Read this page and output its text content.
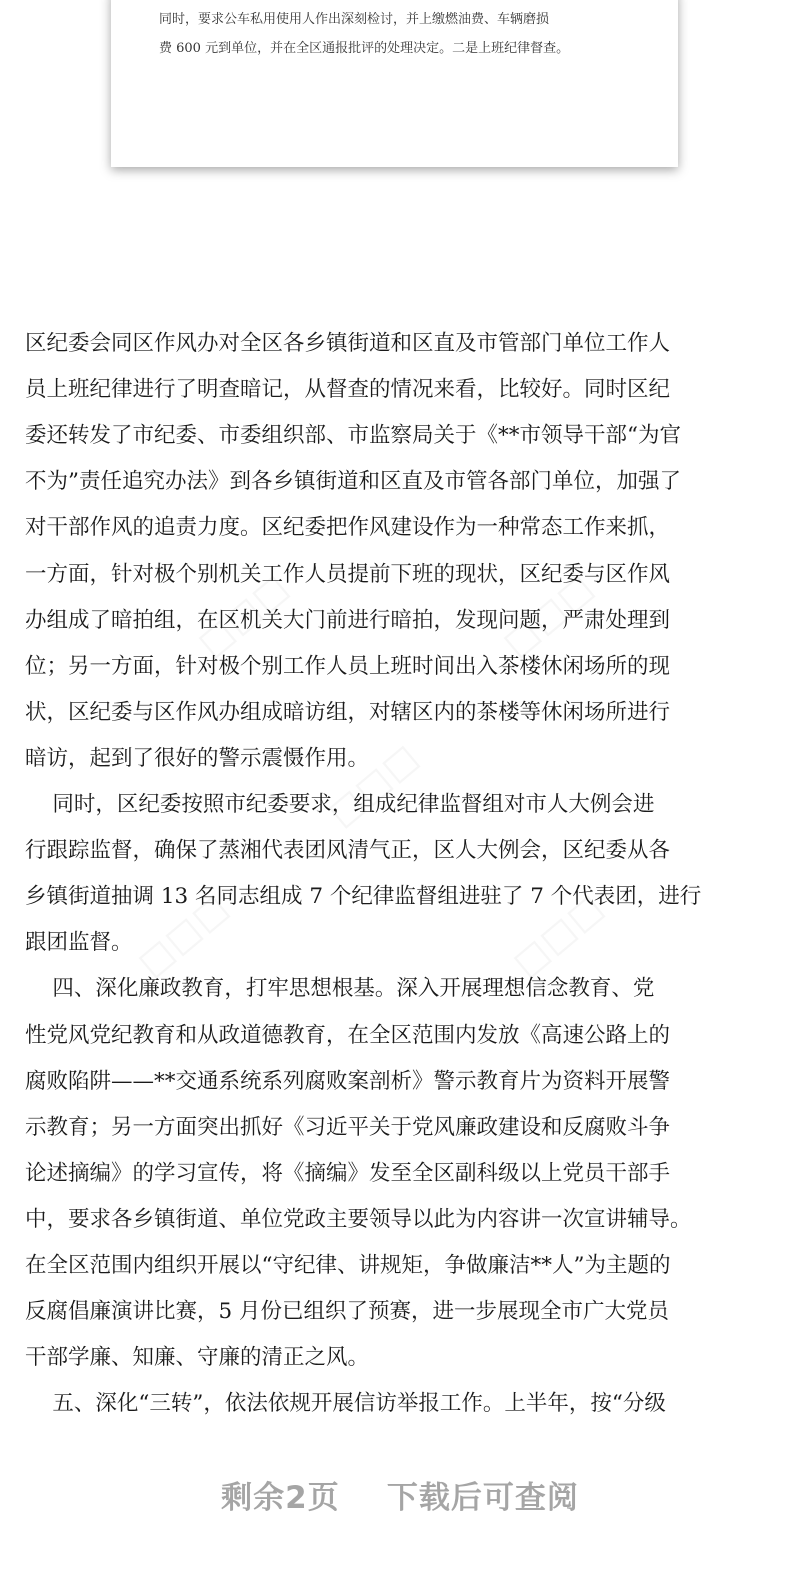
同时，要求公车私用使用人作出深刻检讨，并上缴燃油费、车辆磨损
费 600 元到单位，并在全区通报批评的处理决定。二是上班纪律督查。
区纪委会同区作风办对全区各乡镇街道和区直及市管部门单位工作人
员上班纪律进行了明查暗记，从督查的情况来看，比较好。同时区纪
委还转发了市纪委、市委组织部、市监察局关于《**市领导干部“为官
不为”责任追究办法》到各乡镇街道和区直及市管各部门单位，加强了
对干部作风的追责力度。区纪委把作风建设作为一种常态工作来抓，
一方面，针对极个别机关工作人员提前下班的现状，区纪委与区作风
办组成了暗拍组，在区机关大门前进行暗拍，发现问题，严肃处理到
位；另一方面，针对极个别工作人员上班时间出入茶楼休闲场所的现
状，区纪委与区作风办组成暗访组，对辖区内的茶楼等休闲场所进行
暗访，起到了很好的警示震慑作用。
同时，区纪委按照市纪委要求，组成纪律监督组对市人大例会进
行跟踪监督，确保了蒸湘代表团风清气正，区人大例会，区纪委从各
乡镇街道抽调 13 名同志组成 7 个纪律监督组进驻了 7 个代表团，进行
跟团监督。
四、深化廉政教育，打牢思想根基。深入开展理想信念教育、党
性党风党纪教育和从政道德教育，在全区范围内发放《高速公路上的
腐败陷阱——**交通系统系列腐败案剖析》警示教育片为资料开展警
示教育；另一方面突出抓好《习近平关于党风廉政建设和反腐败斗争
论述摘编》的学习宣传，将《摘编》发至全区副科级以上党员干部手
中，要求各乡镇街道、单位党政主要领导以此为内容讲一次宣讲辅导。
在全区范围内组织开展以“守纪律、讲规矩，争做廉洁**人”为主题的
反腐倡廉演讲比赛，5 月份已组织了预赛，进一步展现全市广大党员
干部学廉、知廉、守廉的清正之风。
五、深化“三转”，依法依规开展信访举报工作。上半年，按“分级
剩余2页 下载后可查阅
